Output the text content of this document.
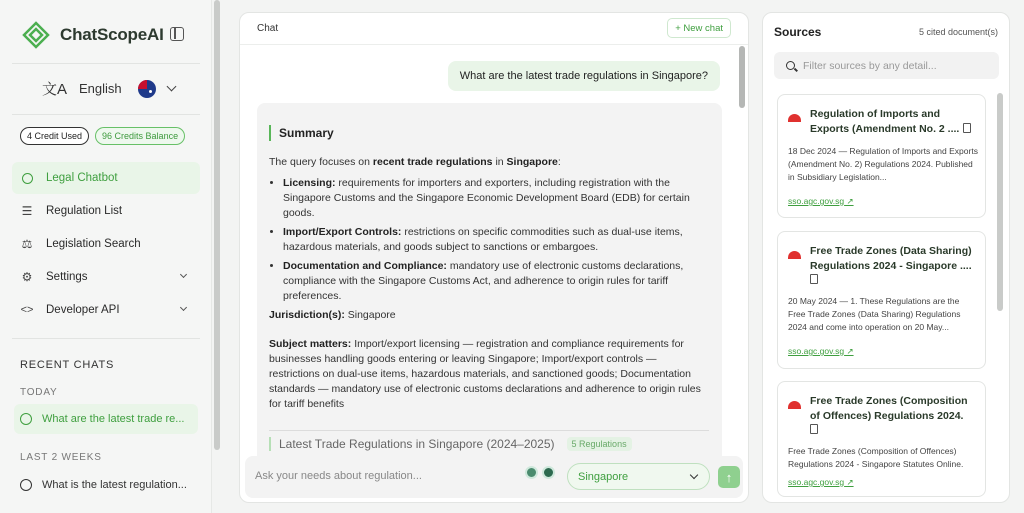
ChatScopeAI
文A English
4 Credit Used	96 Credits Balance
Legal Chatbot
☰ Regulation List
⚖ Legislation Search
⚙ Settings
<> Developer API
RECENT CHATS
TODAY
What are the latest trade re...
LAST 2 WEEKS
What is the latest regulation...
Chat	+ New chat
What are the latest trade regulations in Singapore?
Summary

The query focuses on recent trade regulations in Singapore:

• Licensing: requirements for importers and exporters, including registration with the Singapore Customs and the Singapore Economic Development Board (EDB) for certain goods.
• Import/Export Controls: restrictions on specific commodities such as dual-use items, hazardous materials, and goods subject to sanctions or embargoes.
• Documentation and Compliance: mandatory use of electronic customs declarations, compliance with the Singapore Customs Act, and adherence to origin rules for tariff preferences.

Jurisdiction(s): Singapore

Subject matters: Import/export licensing — registration and compliance requirements for businesses handling goods entering or leaving Singapore; Import/export controls — restrictions on dual-use items, hazardous materials, and sanctioned goods; Documentation standards — mandatory use of electronic customs declarations and adherence to origin rules for tariff benefits

Latest Trade Regulations in Singapore (2024–2025)	5 Regulations
Ask your needs about regulation...	Singapore	↑
Sources	5 cited document(s)
Filter sources by any detail...
Regulation of Imports and Exports (Amendment No. 2 ....
18 Dec 2024 — Regulation of Imports and Exports (Amendment No. 2) Regulations 2024. Published in Subsidiary Legislation...
sso.agc.gov.sg ↗
Free Trade Zones (Data Sharing) Regulations 2024 - Singapore ....

20 May 2024 — 1. These Regulations are the Free Trade Zones (Data Sharing) Regulations 2024 and come into operation on 20 May...
sso.agc.gov.sg ↗
Free Trade Zones (Composition of Offences) Regulations 2024.

Free Trade Zones (Composition of Offences) Regulations 2024 - Singapore Statutes Online.
sso.agc.gov.sg ↗
